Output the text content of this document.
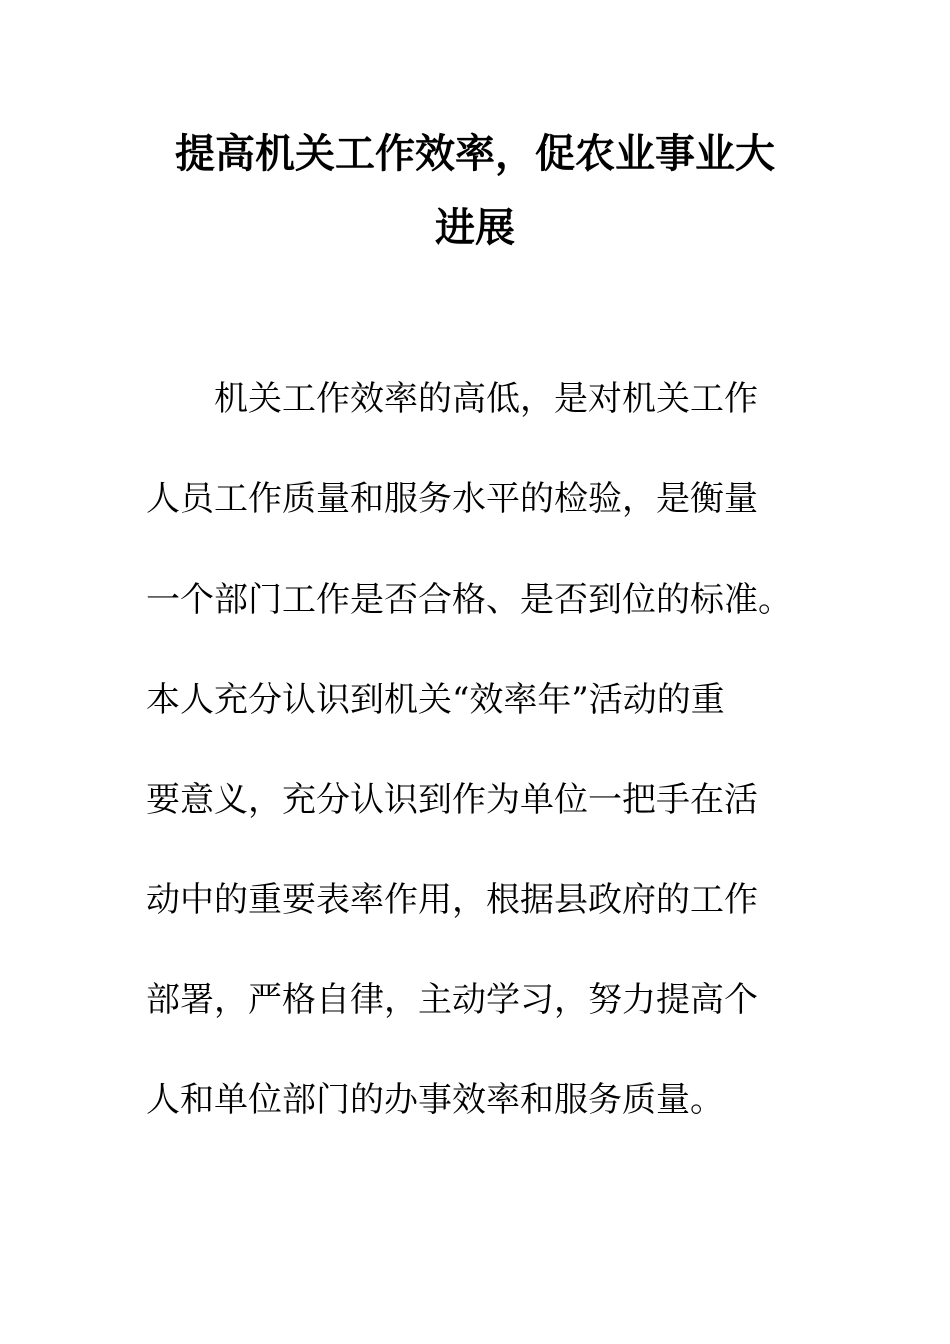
提高机关工作效率，促农业事业大
进展

机关工作效率的高低，是对机关工作

人员工作质量和服务水平的检验，是衡量

一个部门工作是否合格、是否到位的标准。

本人充分认识到机关“效率年”活动的重

要意义，充分认识到作为单位一把手在活

动中的重要表率作用，根据县政府的工作

部署，严格自律，主动学习，努力提高个

人和单位部门的办事效率和服务质量。
